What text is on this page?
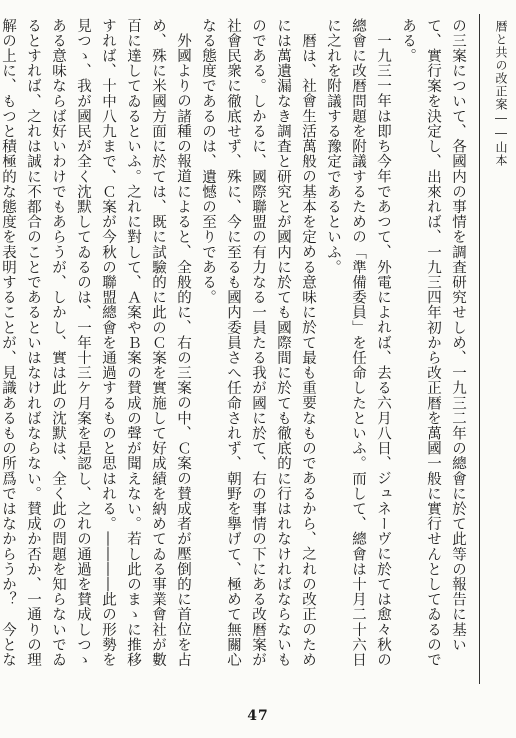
暦と共の改正案――山本

の三案について、各國内の事情を調査研究せしめ、一九三二年の總會に於て此等の報告に基いて、實行案を決定し、出來れば、一九三四年初から改正暦を萬國一般に實行せんとしてゐるのである。

一九三一年は即ち今年であつて、外電によれば、去る六月八日、ジュネーヴに於ては愈々秋の總會に改暦問題を附議するための「準備委員」を任命したといふ。而して、總會は十月二十六日に之れを附議する豫定であるといふ。

暦は、社會生活萬般の基本を定める意味に於て最も重要なものであるから、之れの改正のためには萬遺漏なき調査と研究とが國内に於ても國際間に於ても徹底的に行はれなければならないものである。しかるに、國際聯盟の有力なる一員たる我が國に於て、右の事情の下にある改暦案が社會民衆に徹底せず、殊に、今に至るも國内委員さへ任命されず、朝野を擧げて、極めて無關心なる態度であるのは、遺憾の至りである。

外國よりの諸種の報道によると、全般的に、右の三案の中、Ｃ案の賛成者が壓倒的に首位を占め、殊に米國方面に於ては、既に試驗的に此のＣ案を實施して好成績を納めてゐる事業會社が數百に達してゐるといふ。之れに對して、Ａ案やＢ案の賛成の聲が聞えない。若し此のまゝに推移すれば、十中八九まで、Ｃ案が今秋の聯盟總會を通過するものと思はれる。――――此の形勢を見つゝ、我が國民が全く沈默してゐるのは、一年十三ケ月案を是認し、之れの通過を賛成しつゝある意味ならば好いわけでもあらうが、しかし、實は此の沈默は、全く此の問題を知らないでゐるとすれば、之れは誠に不都合のことであるといはなければならない。賛成か否か、一通りの理解の上に、もつと積極的な態度を表明することが、見識あるもの所爲ではなからうか？　今とな

47
